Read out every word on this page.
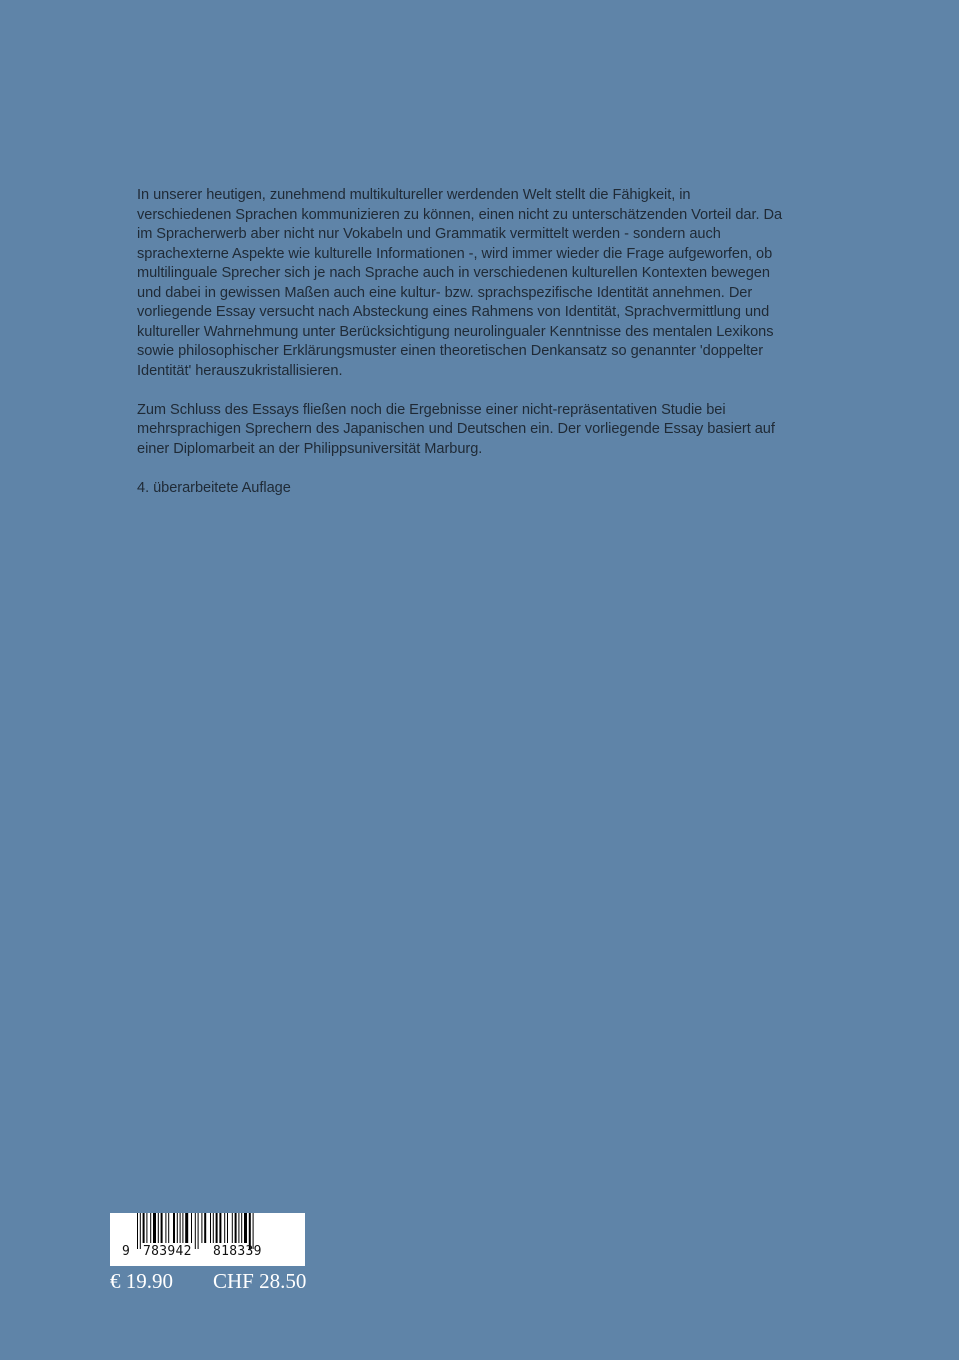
In unserer heutigen, zunehmend multikultureller werdenden Welt stellt die Fähigkeit, in verschiedenen Sprachen kommunizieren zu können, einen nicht zu unterschätzenden Vorteil dar. Da im Spracherwerb aber nicht nur Vokabeln und Grammatik vermittelt werden - sondern auch sprachexterne Aspekte wie kulturelle Informationen -, wird immer wieder die Frage aufgeworfen, ob multilinguale Sprecher sich je nach Sprache auch in verschiedenen kulturellen Kontexten bewegen und dabei in gewissen Maßen auch eine kultur- bzw. sprachspezifische Identität annehmen. Der vorliegende Essay versucht nach Absteckung eines Rahmens von Identität, Sprachvermittlung und kultureller Wahrnehmung unter Berücksichtigung neurolingualer Kenntnisse des mentalen Lexikons sowie philosophischer Erklärungsmuster einen theoretischen Denkansatz so genannter 'doppelter Identität' herauszukristallisieren.

Zum Schluss des Essays fließen noch die Ergebnisse einer nicht-repräsentativen Studie bei mehrsprachigen Sprechern des Japanischen und Deutschen ein. Der vorliegende Essay basiert auf einer Diplomarbeit an der Philippsuniversität Marburg.

4. überarbeitete Auflage

9 783942 818339
€ 19.90 CHF 28.50
